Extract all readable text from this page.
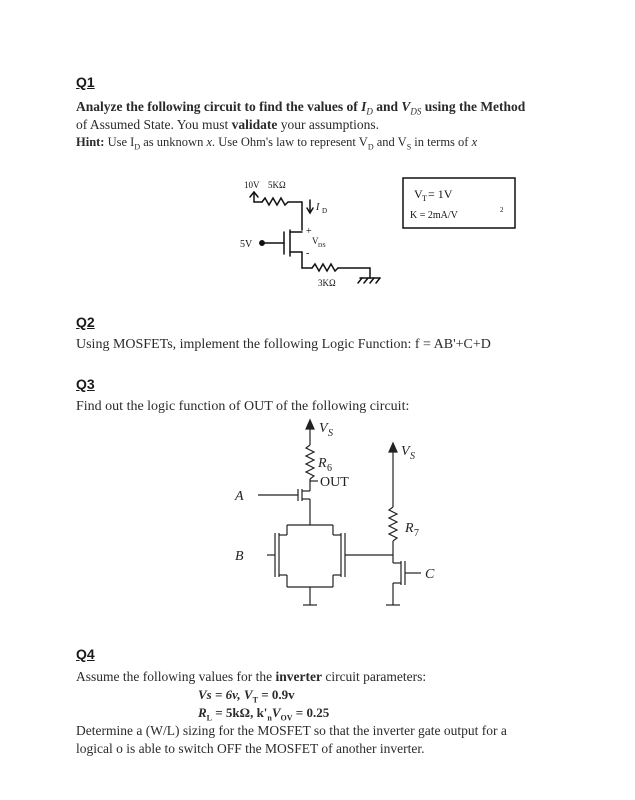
Q1
Analyze the following circuit to find the values of $I_D$ and $V_{DS}$ using the Method
of Assumed State. You must validate your assumptions.
Hint: Use $I_D$ as unknown x. Use Ohm's law to represent $V_D$ and $V_S$ in terms of x
10V 5KΩ
I D
5V
+
-
V DS
3KΩ
V T = 1V
K = 2mA/V	2
Q2
Using MOSFETs, implement the following Logic Function: f = AB'+C+D
Q3
Find out the logic function of OUT of the following circuit:
V S
R 6
OUT
V S
R 7
A
B
C
Q4
Assume the following values for the inverter circuit parameters:
Vs = 6v, $V_T = 0.9v$
$R_L = 5k\Omega$, $k'_nV_{OV} = 0.25$
Determine a (W/L) sizing for the MOSFET so that the inverter gate output for a
logical o is able to switch OFF the MOSFET of another inverter.
